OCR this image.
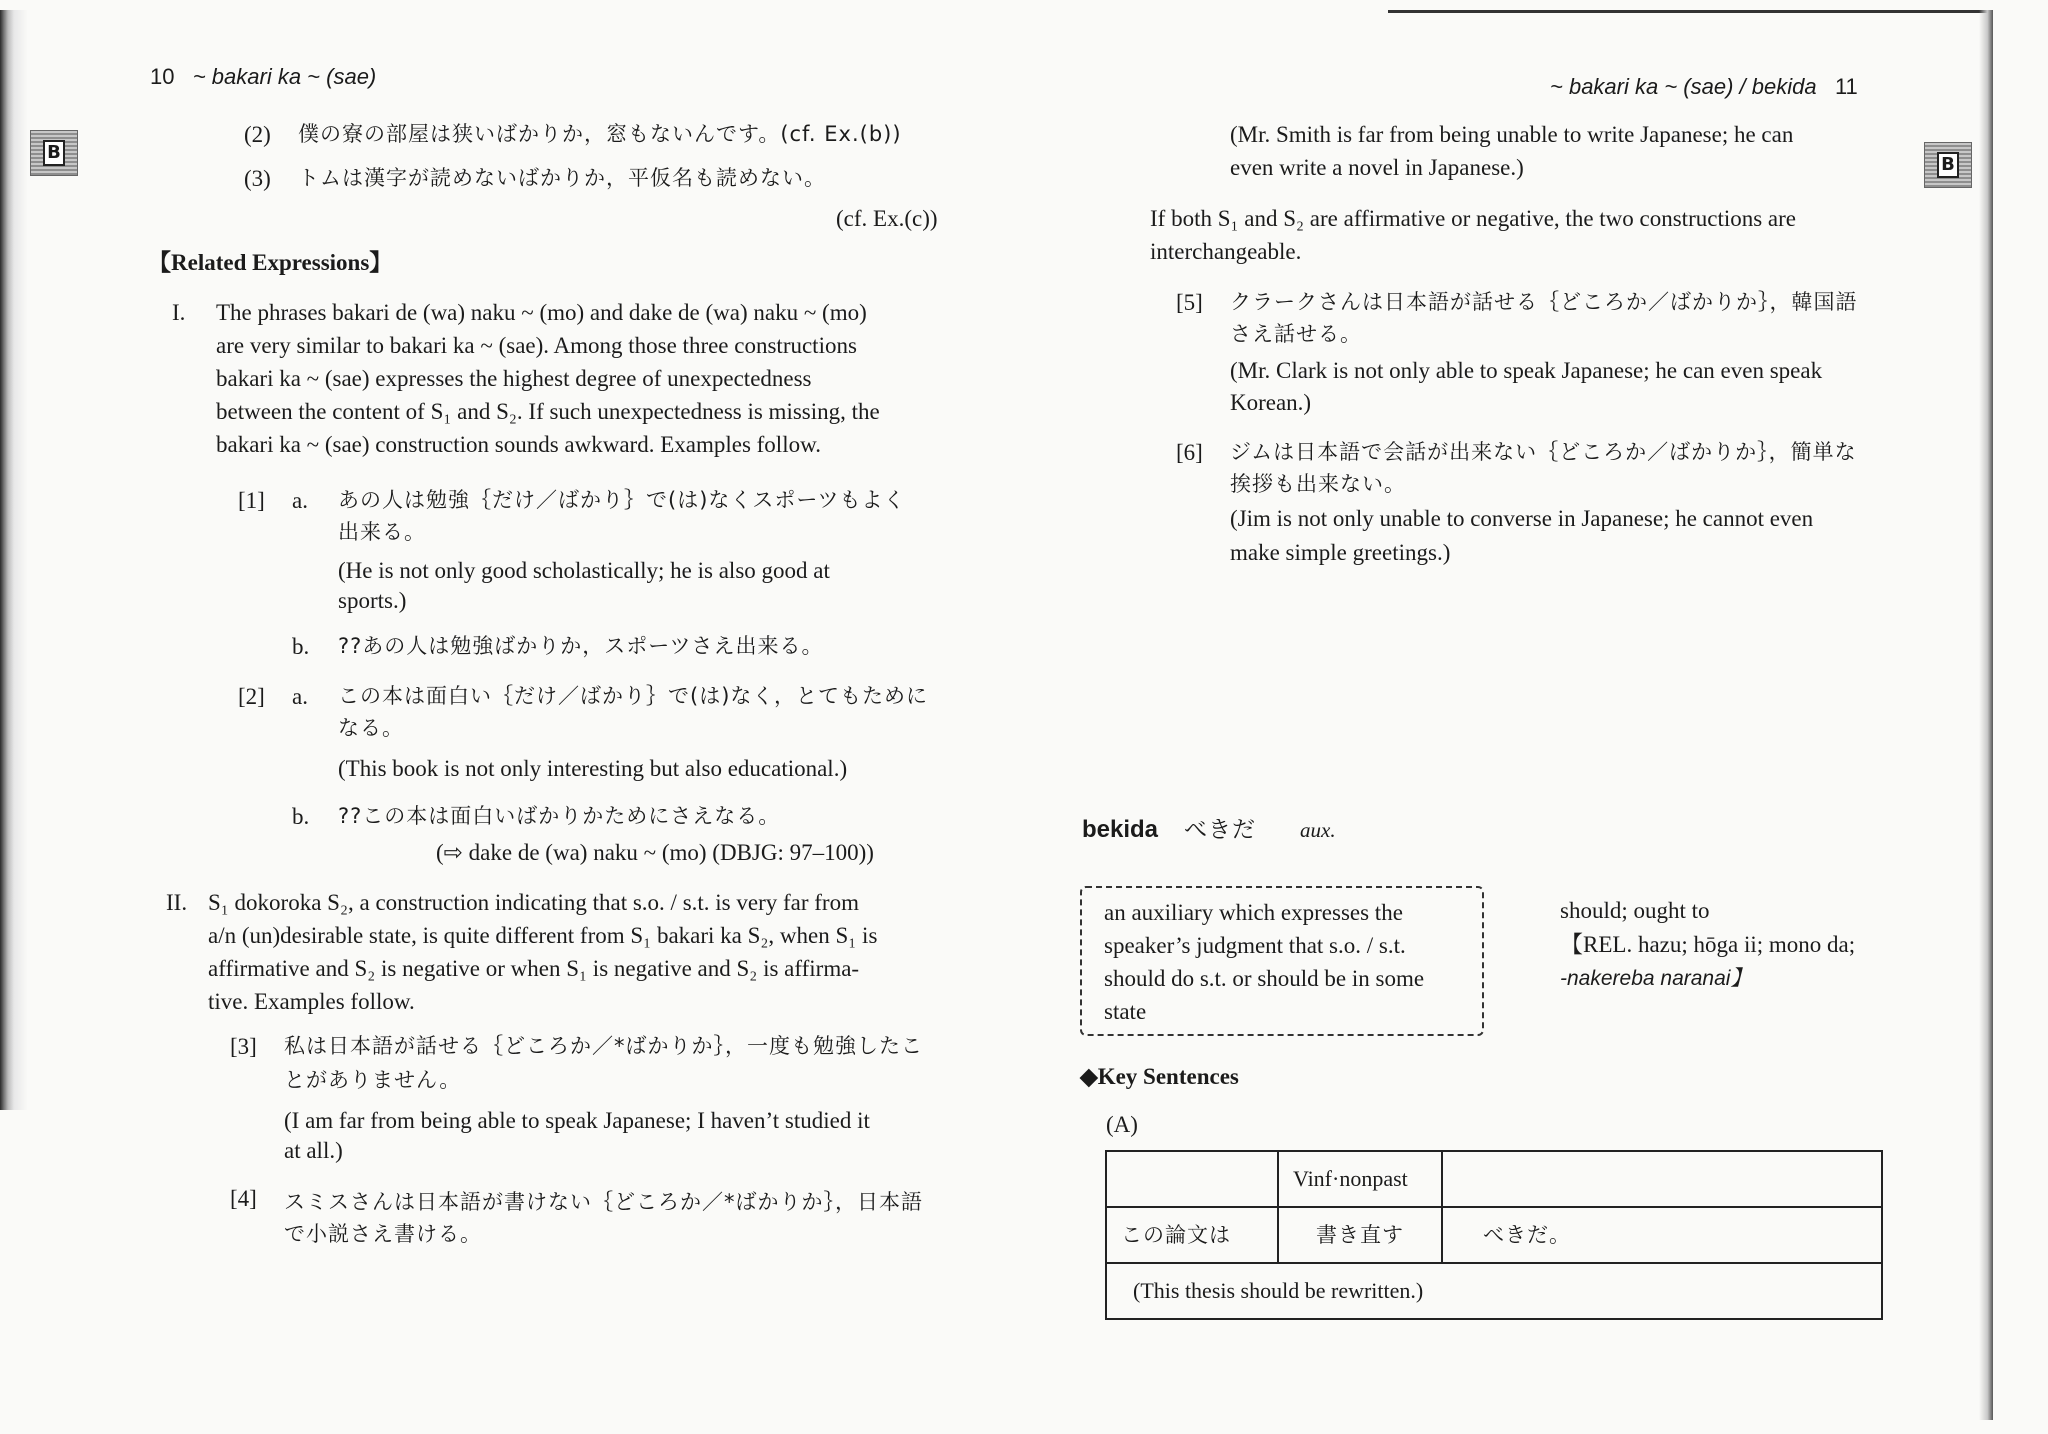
B
10 ~ bakari ka ~ (sae)
(2) 僕の寮の部屋は狭いばかりか，窓もないんです。(cf. Ex.(b))
(3) トムは漢字が読めないばかりか，平仮名も読めない。
(cf. Ex.(c))
【Related Expressions】
I. The phrases bakari de (wa) naku ~ (mo) and dake de (wa) naku ~ (mo)
are very similar to bakari ka ~ (sae). Among those three constructions
bakari ka ~ (sae) expresses the highest degree of unexpectedness
between the content of S₁ and S₂. If such unexpectedness is missing, the
bakari ka ~ (sae) construction sounds awkward. Examples follow.
[1] a. あの人は勉強｛だけ／ばかり｝で(は)なくスポーツもよく
出来る。
(He is not only good scholastically; he is also good at
sports.)
b. ??あの人は勉強ばかりか，スポーツさえ出来る。
[2] a. この本は面白い｛だけ／ばかり｝で(は)なく，とてもために
なる。
(This book is not only interesting but also educational.)
b. ??この本は面白いばかりかためにさえなる。
(⇨ dake de (wa) naku ~ (mo) (DBJG: 97–100))
II. S₁ dokoroka S₂, a construction indicating that s.o. / s.t. is very far from
a/n (un)desirable state, is quite different from S₁ bakari ka S₂, when S₁ is
affirmative and S₂ is negative or when S₁ is negative and S₂ is affirma-
tive. Examples follow.
[3] 私は日本語が話せる｛どころか／*ばかりか｝，一度も勉強したこ
とがありません。
(I am far from being able to speak Japanese; I haven’t studied it
at all.)
[4] スミスさんは日本語が書けない｛どころか／*ばかりか｝，日本語
で小説さえ書ける。
~ bakari ka ~ (sae) / bekida 11
B
(Mr. Smith is far from being unable to write Japanese; he can
even write a novel in Japanese.)
If both S₁ and S₂ are affirmative or negative, the two constructions are
interchangeable.
[5] クラークさんは日本語が話せる｛どころか／ばかりか｝，韓国語
さえ話せる。
(Mr. Clark is not only able to speak Japanese; he can even speak
Korean.)
[6] ジムは日本語で会話が出来ない｛どころか／ばかりか｝，簡単な
挨拶も出来ない。
(Jim is not only unable to converse in Japanese; he cannot even
make simple greetings.)
bekida べきだ aux.
an auxiliary which expresses the
speaker’s judgment that s.o. / s.t.
should do s.t. or should be in some
state
should; ought to
【REL. hazu; hōga ii; mono da;
-nakereba naranai】
◆Key Sentences
(A)
	Vinf·nonpast	
この論文は	書き直す	べきだ。
(This thesis should be rewritten.)		
